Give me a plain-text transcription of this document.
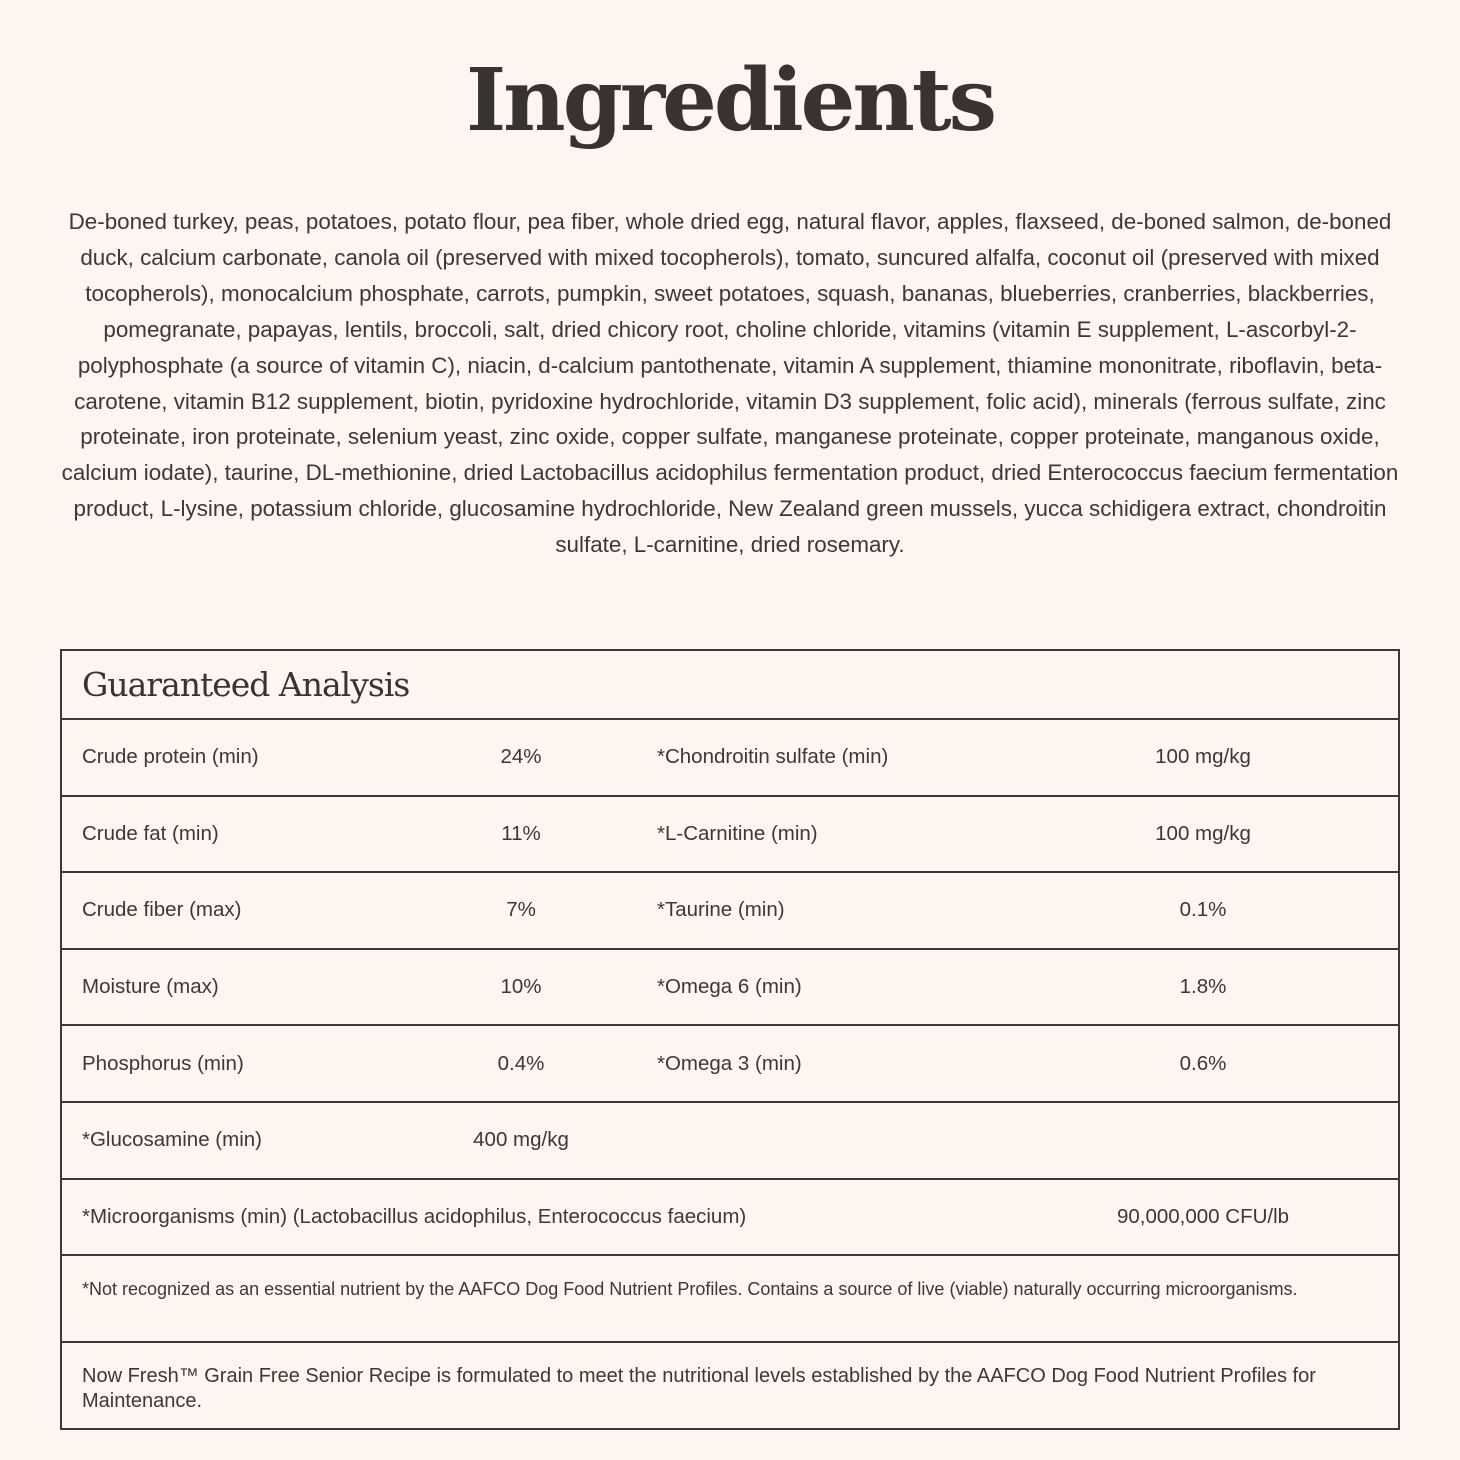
Ingredients

De-boned turkey, peas, potatoes, potato flour, pea fiber, whole dried egg, natural flavor, apples, flaxseed, de-boned salmon, de-boned duck, calcium carbonate, canola oil (preserved with mixed tocopherols), tomato, suncured alfalfa, coconut oil (preserved with mixed tocopherols), monocalcium phosphate, carrots, pumpkin, sweet potatoes, squash, bananas, blueberries, cranberries, blackberries, pomegranate, papayas, lentils, broccoli, salt, dried chicory root, choline chloride, vitamins (vitamin E supplement, L-ascorbyl-2-polyphosphate (a source of vitamin C), niacin, d-calcium pantothenate, vitamin A supplement, thiamine mononitrate, riboflavin, beta-carotene, vitamin B12 supplement, biotin, pyridoxine hydrochloride, vitamin D3 supplement, folic acid), minerals (ferrous sulfate, zinc proteinate, iron proteinate, selenium yeast, zinc oxide, copper sulfate, manganese proteinate, copper proteinate, manganous oxide, calcium iodate), taurine, DL-methionine, dried Lactobacillus acidophilus fermentation product, dried Enterococcus faecium fermentation product, L-lysine, potassium chloride, glucosamine hydrochloride, New Zealand green mussels, yucca schidigera extract, chondroitin sulfate, L-carnitine, dried rosemary.

Guaranteed Analysis
Crude protein (min)	24%	*Chondroitin sulfate (min)	100 mg/kg
Crude fat (min)	11%	*L-Carnitine (min)	100 mg/kg
Crude fiber (max)	7%	*Taurine (min)	0.1%
Moisture (max)	10%	*Omega 6 (min)	1.8%
Phosphorus (min)	0.4%	*Omega 3 (min)	0.6%
*Glucosamine (min)	400 mg/kg
*Microorganisms (min) (Lactobacillus acidophilus, Enterococcus faecium)	90,000,000 CFU/lb
*Not recognized as an essential nutrient by the AAFCO Dog Food Nutrient Profiles. Contains a source of live (viable) naturally occurring microorganisms.
Now Fresh™ Grain Free Senior Recipe is formulated to meet the nutritional levels established by the AAFCO Dog Food Nutrient Profiles for Maintenance.
